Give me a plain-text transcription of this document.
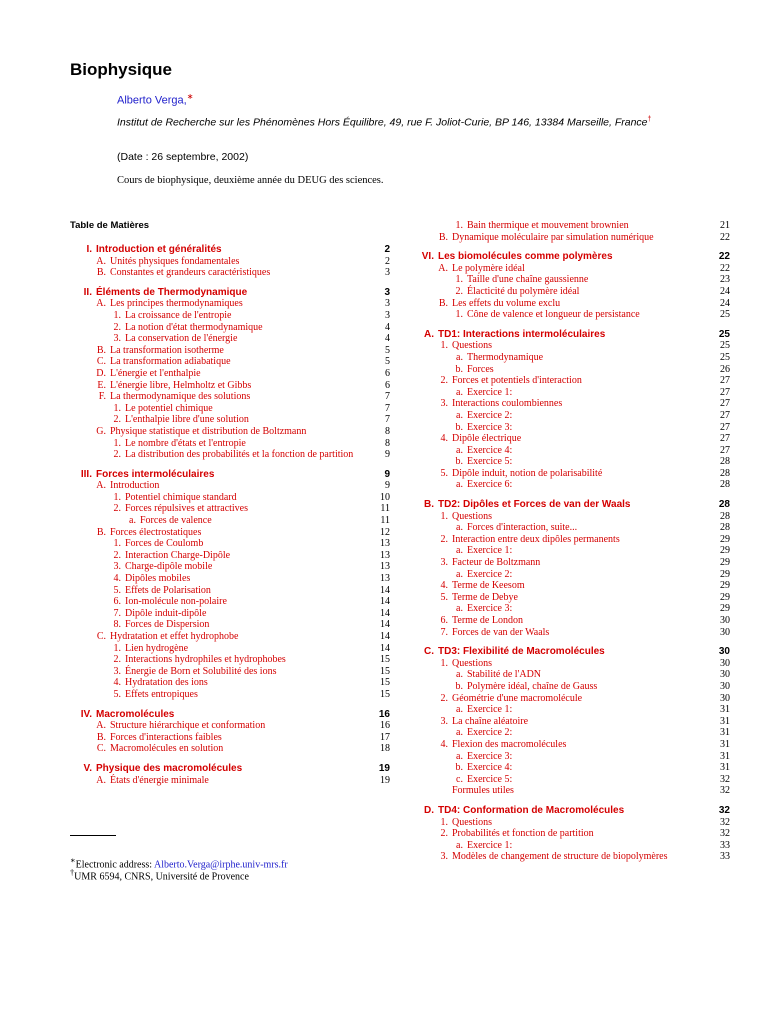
Biophysique
Alberto Verga,∗
Institut de Recherche sur les Phénomènes Hors Équilibre, 49, rue F. Joliot-Curie, BP 146, 13384 Marseille, France†
(Date : 26 septembre, 2002)
Cours de biophysique, deuxième année du DEUG des sciences.
Table de Matières
I. Introduction et généralités	2
A. Unités physiques fondamentales	2
B. Constantes et grandeurs caractéristiques	3
II. Éléments de Thermodynamique	3
A. Les principes thermodynamiques	3
1. La croissance de l'entropie	3
2. La notion d'état thermodynamique	4
3. La conservation de l'énergie	4
B. La transformation isotherme	5
C. La transformation adiabatique	5
D. L'énergie et l'enthalpie	6
E. L'énergie libre, Helmholtz et Gibbs	6
F. La thermodynamique des solutions	7
1. Le potentiel chimique	7
2. L'enthalpie libre d'une solution	7
G. Physique statistique et distribution de Boltzmann	8
1. Le nombre d'états et l'entropie	8
2. La distribution des probabilités et la fonction de partition	9
III. Forces intermoléculaires	9
A. Introduction	9
1. Potentiel chimique standard	10
2. Forces répulsives et attractives	11
a. Forces de valence	11
B. Forces électrostatiques	12
1. Forces de Coulomb	13
2. Interaction Charge-Dipôle	13
3. Charge-dipôle mobile	13
4. Dipôles mobiles	13
5. Effets de Polarisation	14
6. Ion-molécule non-polaire	14
7. Dipôle induit-dipôle	14
8. Forces de Dispersion	14
C. Hydratation et effet hydrophobe	14
1. Lien hydrogène	14
2. Interactions hydrophiles et hydrophobes	15
3. Énergie de Born et Solubilité des ions	15
4. Hydratation des ions	15
5. Effets entropiques	15
IV. Macromolécules	16
A. Structure hiérarchique et conformation	16
B. Forces d'interactions faibles	17
C. Macromolécules en solution	18
V. Physique des macromolécules	19
A. États d'énergie minimale	19
1. Bain thermique et mouvement brownien	21
B. Dynamique moléculaire par simulation numérique	22
VI. Les biomolécules comme polymères	22
A. Le polymère idéal	22
1. Taille d'une chaîne gaussienne	23
2. Élacticité du polymère idéal	24
B. Les effets du volume exclu	24
1. Cône de valence et longueur de persistance	25
A. TD1: Interactions intermoléculaires	25
1. Questions	25
a. Thermodynamique	25
b. Forces	26
2. Forces et potentiels d'interaction	27
a. Exercice 1:	27
3. Interactions coulombiennes	27
a. Exercice 2:	27
b. Exercice 3:	27
4. Dipôle électrique	27
a. Exercice 4:	27
b. Exercice 5:	28
5. Dipôle induit, notion de polarisabilité	28
a. Exercice 6:	28
B. TD2: Dipôles et Forces de van der Waals	28
1. Questions	28
a. Forces d'interaction, suite...	28
2. Interaction entre deux dipôles permanents	29
a. Exercice 1:	29
3. Facteur de Boltzmann	29
a. Exercice 2:	29
4. Terme de Keesom	29
5. Terme de Debye	29
a. Exercice 3:	29
6. Terme de London	30
7. Forces de van der Waals	30
C. TD3: Flexibilité de Macromolécules	30
1. Questions	30
a. Stabilité de l'ADN	30
b. Polymère idéal, chaîne de Gauss	30
2. Géométrie d'une macromolécule	30
a. Exercice 1:	31
3. La chaîne aléatoire	31
a. Exercice 2:	31
4. Flexion des macromolécules	31
a. Exercice 3:	31
b. Exercice 4:	31
c. Exercice 5:	32
Formules utiles	32
D. TD4: Conformation de Macromolécules	32
1. Questions	32
2. Probabilités et fonction de partition	32
a. Exercice 1:	33
3. Modèles de changement de structure de biopolymères	33
∗Electronic address: Alberto.Verga@irphe.univ-mrs.fr
†UMR 6594, CNRS, Université de Provence
